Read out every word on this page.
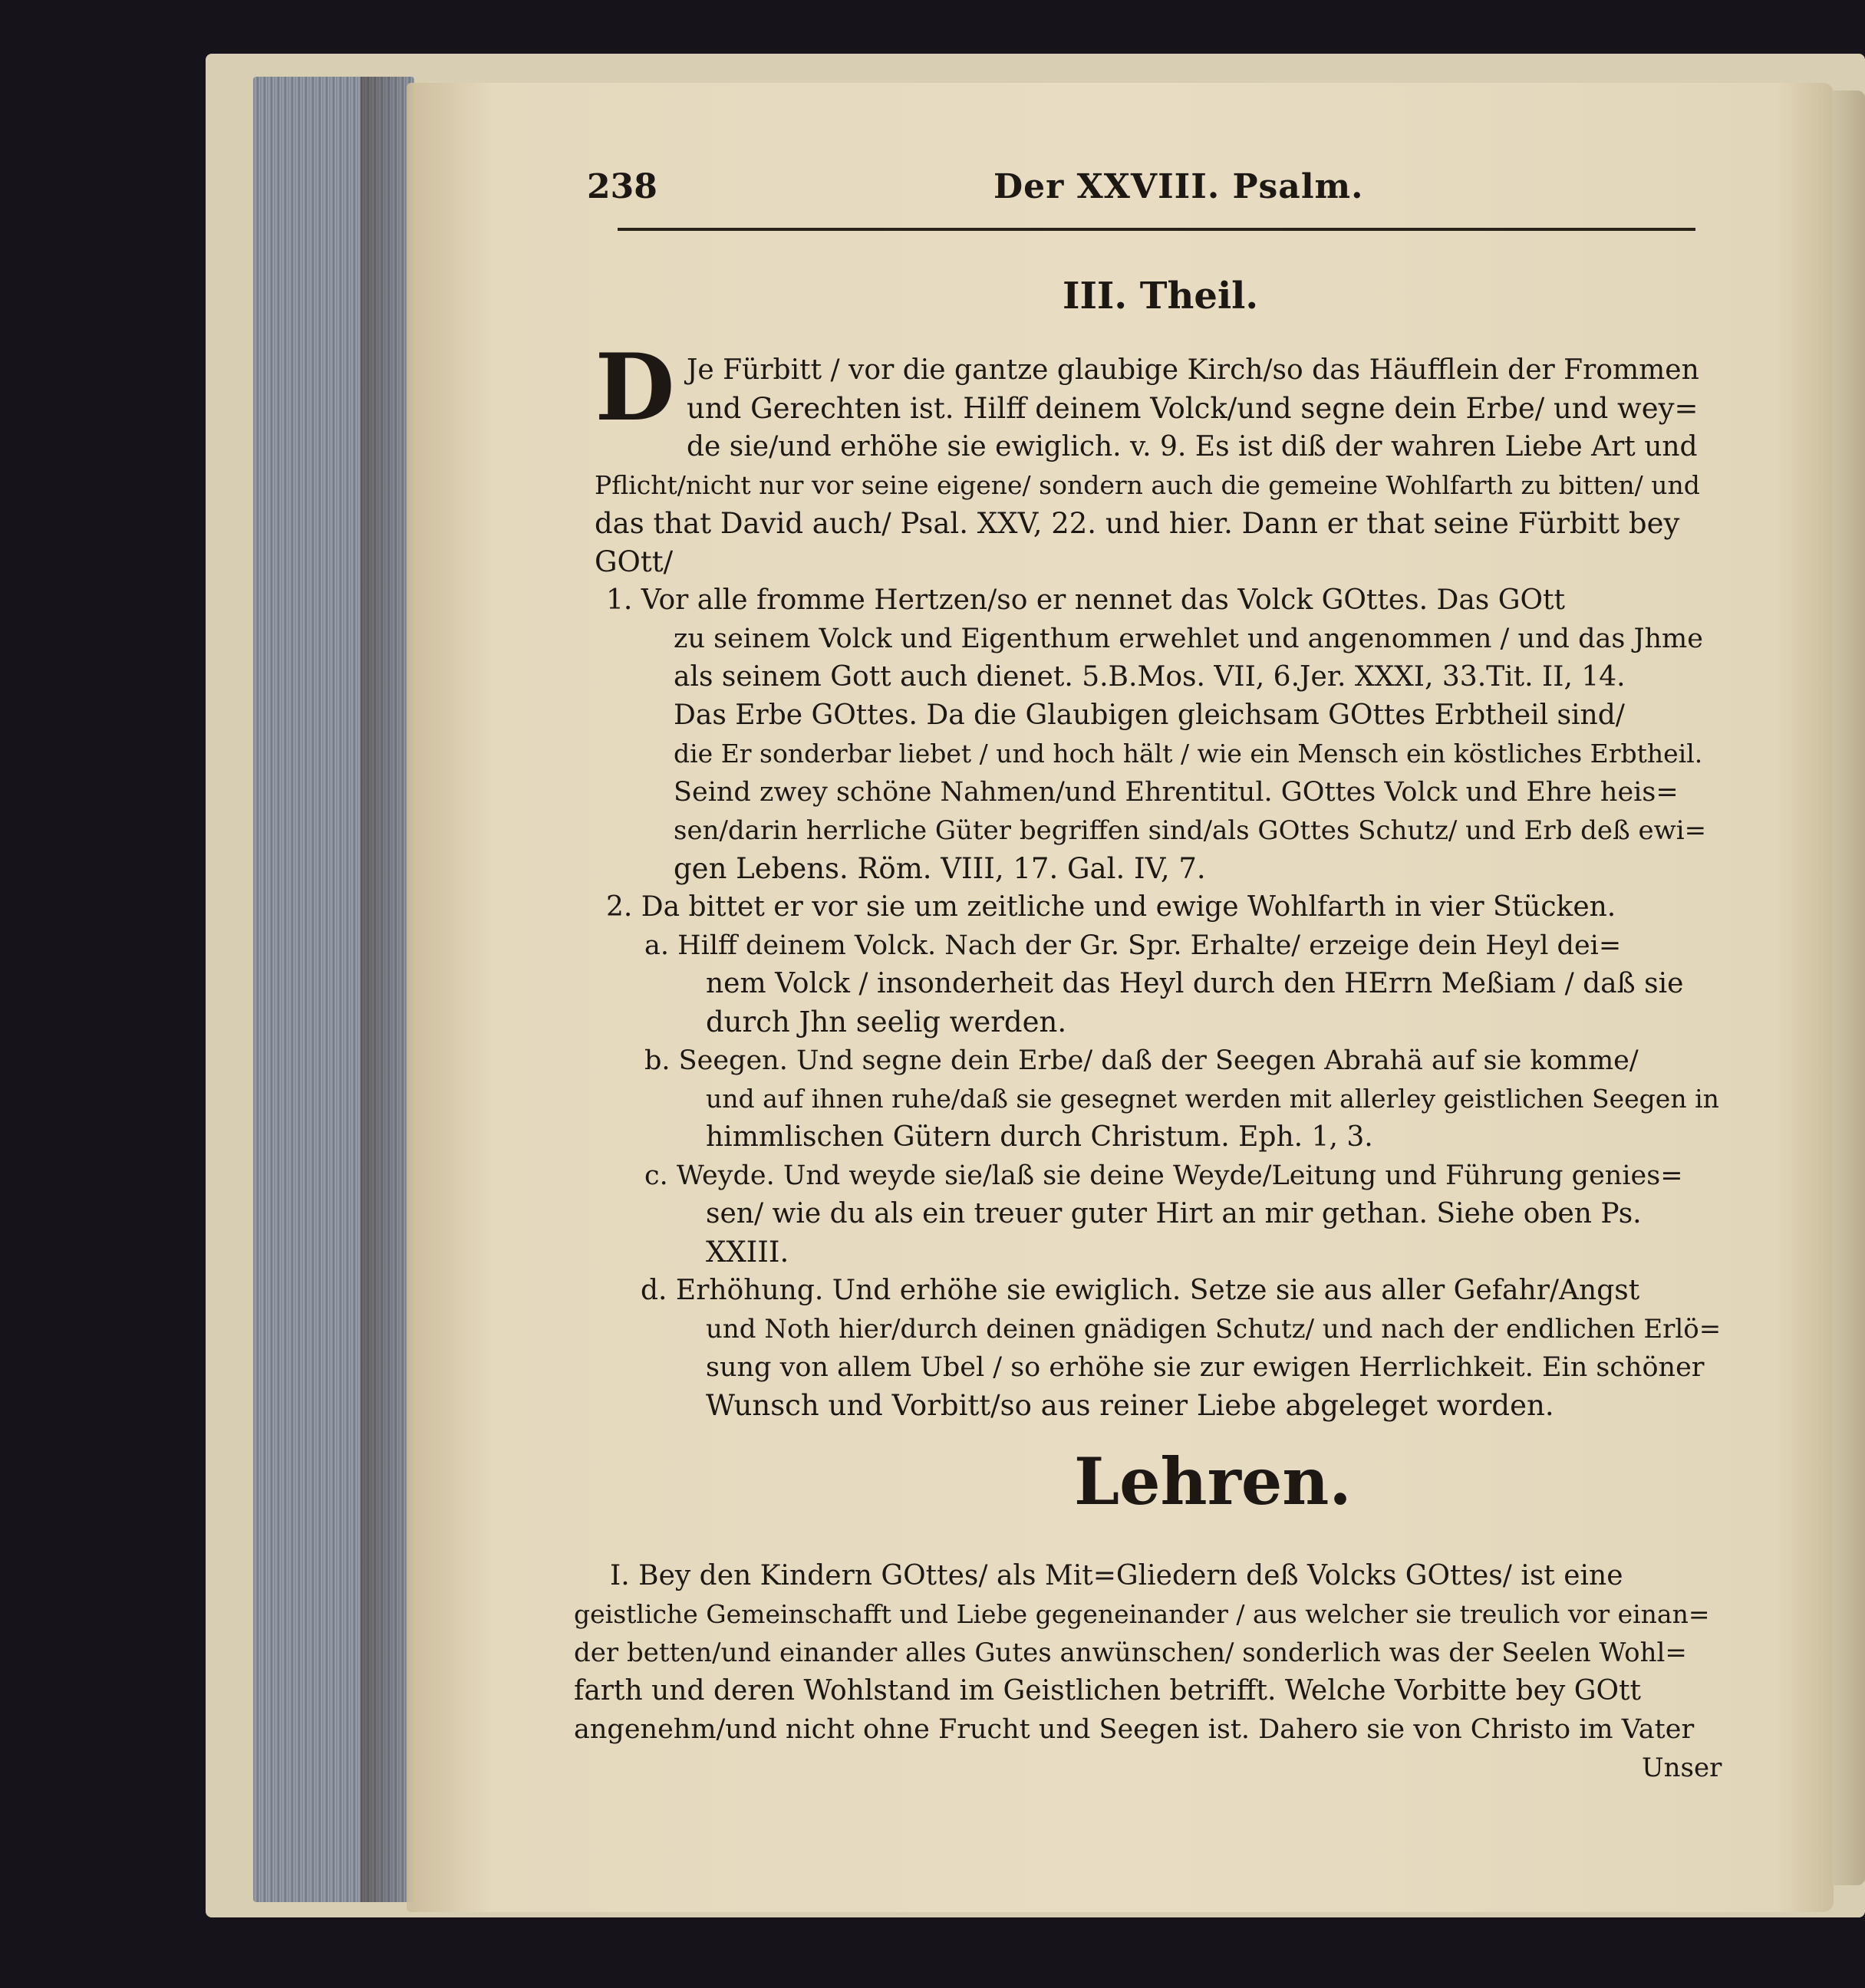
238	Der XXVIII. Psalm.
III. Theil.
D Je Fürbitt / vor die gantze glaubige Kirch/so das Häufflein der Frommen
und Gerechten ist. Hilff deinem Volck/und segne dein Erbe/ und wey=
de sie/und erhöhe sie ewiglich. v. 9. Es ist diß der wahren Liebe Art und
Pflicht/nicht nur vor seine eigene/ sondern auch die gemeine Wohlfarth zu bitten/ und
das that David auch/ Psal. XXV, 22. und hier. Dann er that seine Fürbitt bey
GOtt/
1. Vor alle fromme Hertzen/so er nennet das Volck GOttes. Das GOtt
zu seinem Volck und Eigenthum erwehlet und angenommen / und das Jhme
als seinem Gott auch dienet. 5.B.Mos. VII, 6.Jer. XXXI, 33.Tit. II, 14.
Das Erbe GOttes. Da die Glaubigen gleichsam GOttes Erbtheil sind/
die Er sonderbar liebet / und hoch hält / wie ein Mensch ein köstliches Erbtheil.
Seind zwey schöne Nahmen/und Ehrentitul. GOttes Volck und Ehre heis=
sen/darin herrliche Güter begriffen sind/als GOttes Schutz/ und Erb deß ewi=
gen Lebens. Röm. VIII, 17. Gal. IV, 7.
2. Da bittet er vor sie um zeitliche und ewige Wohlfarth in vier Stücken.
a. Hilff deinem Volck. Nach der Gr. Spr. Erhalte/ erzeige dein Heyl dei=
nem Volck / insonderheit das Heyl durch den HErrn Meßiam / daß sie
durch Jhn seelig werden.
b. Seegen. Und segne dein Erbe/ daß der Seegen Abrahä auf sie komme/
und auf ihnen ruhe/daß sie gesegnet werden mit allerley geistlichen Seegen in
himmlischen Gütern durch Christum. Eph. 1, 3.
c. Weyde. Und weyde sie/laß sie deine Weyde/Leitung und Führung genies=
sen/ wie du als ein treuer guter Hirt an mir gethan. Siehe oben Ps.
XXIII.
d. Erhöhung. Und erhöhe sie ewiglich. Setze sie aus aller Gefahr/Angst
und Noth hier/durch deinen gnädigen Schutz/ und nach der endlichen Erlö=
sung von allem Ubel / so erhöhe sie zur ewigen Herrlichkeit. Ein schöner
Wunsch und Vorbitt/so aus reiner Liebe abgeleget worden.
Lehren.
I. Bey den Kindern GOttes/ als Mit=Gliedern deß Volcks GOttes/ ist eine
geistliche Gemeinschafft und Liebe gegeneinander / aus welcher sie treulich vor einan=
der betten/und einander alles Gutes anwünschen/ sonderlich was der Seelen Wohl=
farth und deren Wohlstand im Geistlichen betrifft. Welche Vorbitte bey GOtt
angenehm/und nicht ohne Frucht und Seegen ist. Dahero sie von Christo im Vater
Unser
